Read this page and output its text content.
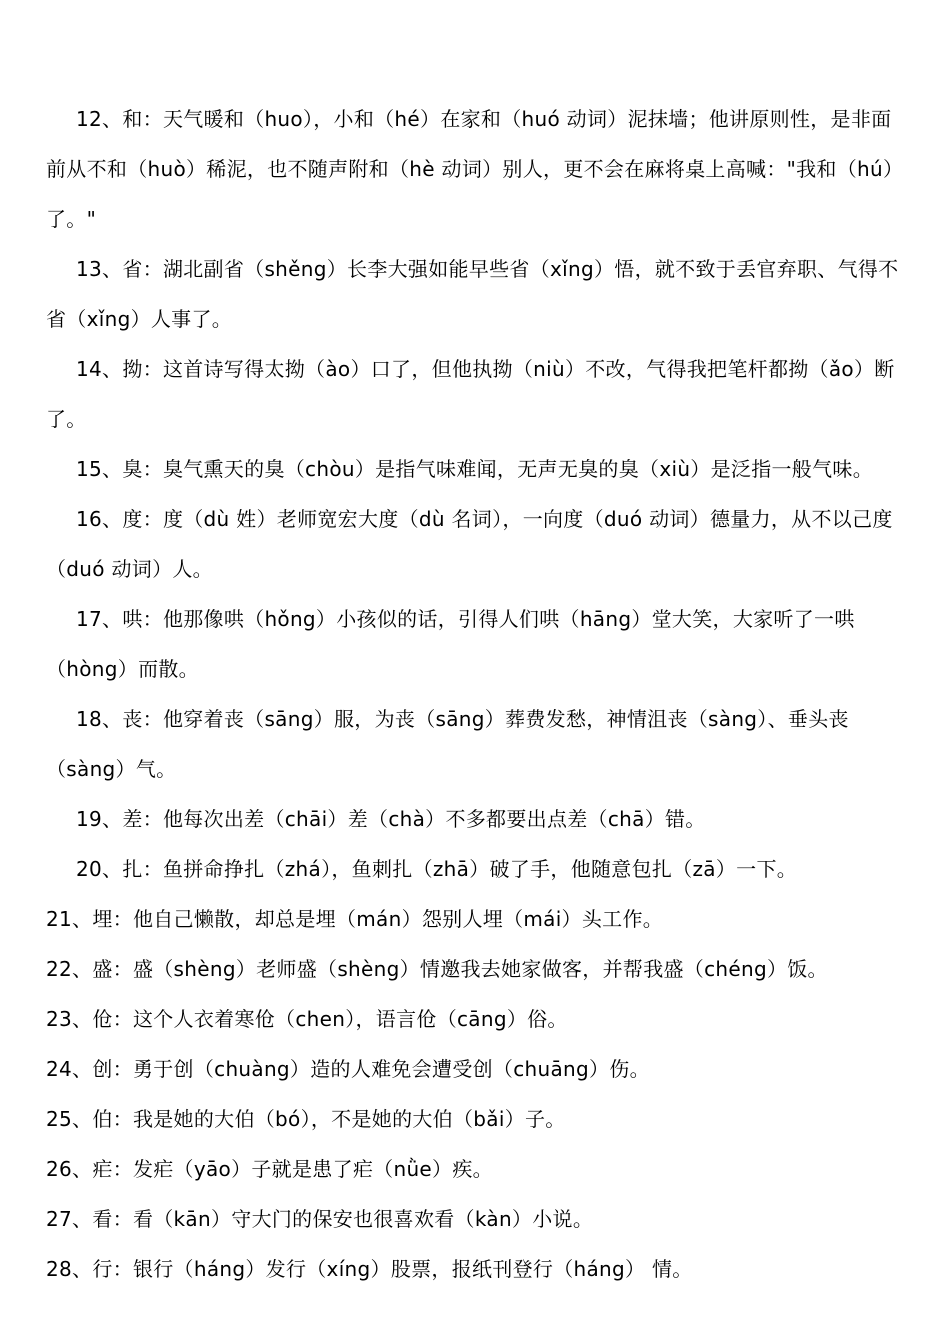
12、和：天气暖和（huo），小和（hé）在家和（huó 动词）泥抹墙；他讲原则性，是非面前从不和（huò）稀泥，也不随声附和（hè 动词）别人，更不会在麻将桌上高喊："我和（hú）了。"

13、省：湖北副省（shěng）长李大强如能早些省（xǐng）悟，就不致于丢官弃职、气得不省（xǐng）人事了。

14、拗：这首诗写得太拗（ào）口了，但他执拗（niù）不改，气得我把笔杆都拗（ǎo）断了。

15、臭：臭气熏天的臭（chòu）是指气味难闻，无声无臭的臭（xiù）是泛指一般气味。

16、度：度（dù 姓）老师宽宏大度（dù 名词），一向度（duó 动词）德量力，从不以己度（duó 动词）人。

17、哄：他那像哄（hǒng）小孩似的话，引得人们哄（hāng）堂大笑，大家听了一哄（hòng）而散。

18、丧：他穿着丧（sāng）服，为丧（sāng）葬费发愁，神情沮丧（sàng）、垂头丧（sàng）气。

19、差：他每次出差（chāi）差（chà）不多都要出点差（chā）错。

20、扎：鱼拼命挣扎（zhá），鱼刺扎（zhā）破了手，他随意包扎（zā）一下。

21、埋：他自己懒散，却总是埋（mán）怨别人埋（mái）头工作。

22、盛：盛（shèng）老师盛（shèng）情邀我去她家做客，并帮我盛（chéng）饭。

23、伧：这个人衣着寒伧（chen），语言伧（cāng）俗。

24、创：勇于创（chuàng）造的人难免会遭受创（chuāng）伤。

25、伯：我是她的大伯（bó），不是她的大伯（bǎi）子。

26、疟：发疟（yāo）子就是患了疟（nǜe）疾。

27、看：看（kān）守大门的保安也很喜欢看（kàn）小说。

28、行：银行（háng）发行（xíng）股票，报纸刊登行（háng） 情。
